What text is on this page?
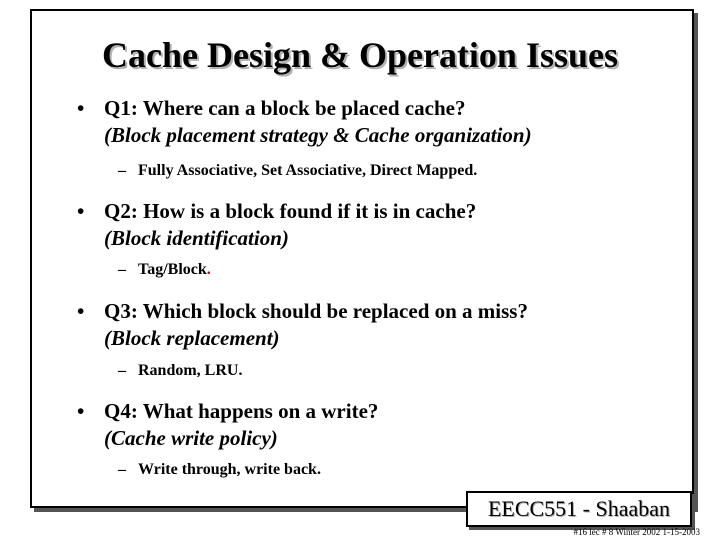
Cache Design & Operation Issues
• Q1: Where can a block be placed cache?
(Block placement strategy & Cache organization)
– Fully Associative, Set Associative, Direct Mapped.
• Q2: How is a block found if it is in cache?
(Block identification)
– Tag/Block.
• Q3: Which block should be replaced on a miss?
(Block replacement)
– Random, LRU.
• Q4: What happens on a write?
(Cache write policy)
– Write through, write back.
EECC551 - Shaaban
#16 lec # 8 Winter 2002 1-15-2003
